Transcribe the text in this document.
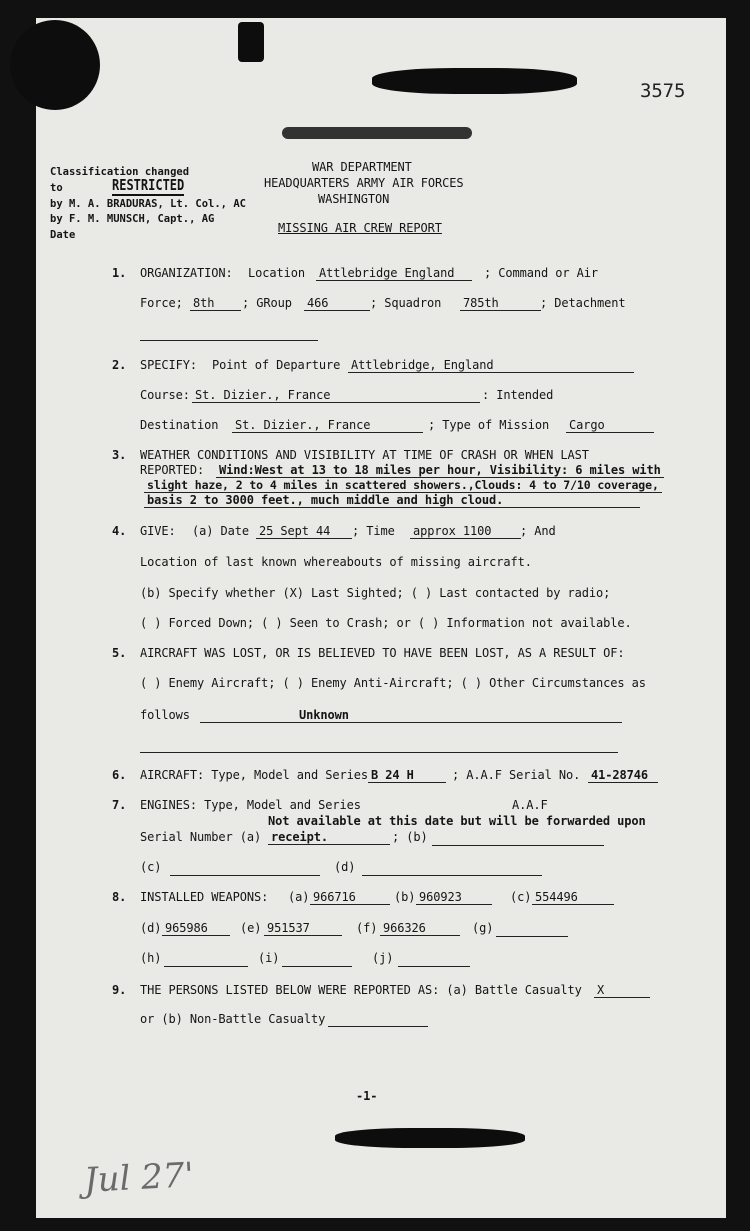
3575
Classification changed
to	RESTRICTED
by M. A. BRADURAS, Lt. Col., AC
by F. M. MUNSCH, Capt., AG
Date
WAR DEPARTMENT
HEADQUARTERS ARMY AIR FORCES
WASHINGTON
MISSING AIR CREW REPORT
1. ORGANIZATION: Location Attlebridge England	; Command or Air
Force; 8th	; GRoup 466	; Squadron 785th	; Detachment
2. SPECIFY: Point of Departure Attlebridge, England
Course: St. Dizier., France	: Intended
Destination St. Dizier., France	; Type of Mission Cargo
3. WEATHER CONDITIONS AND VISIBILITY AT TIME OF CRASH OR WHEN LAST
REPORTED: Wind:West at 13 to 18 miles per hour, Visibility: 6 miles with
slight haze, 2 to 4 miles in scattered showers.,Clouds: 4 to 7/10 coverage,
basis 2 to 3000 feet., much middle and high cloud.
4. GIVE: (a) Date 25 Sept 44	; Time approx 1100	; And
Location of last known whereabouts of missing aircraft.
(b) Specify whether (X) Last Sighted; ( ) Last contacted by radio;
( ) Forced Down; ( ) Seen to Crash; or ( ) Information not available.
5. AIRCRAFT WAS LOST, OR IS BELIEVED TO HAVE BEEN LOST, AS A RESULT OF:
( ) Enemy Aircraft; ( ) Enemy Anti-Aircraft; ( ) Other Circumstances as
follows	Unknown
6. AIRCRAFT: Type, Model and Series B 24 H	; A.A.F Serial No. 41-28746
7. ENGINES: Type, Model and Series	A.A.F
Not available at this date but will be forwarded upon
Serial Number (a) receipt.	; (b)
(c)	(d)
8. INSTALLED WEAPONS: (a) 966716	(b) 960923	(c) 554496
(d) 965986	(e) 951537	(f) 966326	(g)
(h)	(i)	(j)
9. THE PERSONS LISTED BELOW WERE REPORTED AS: (a) Battle Casualty X
or (b) Non-Battle Casualty
-1-
Jul 27'
